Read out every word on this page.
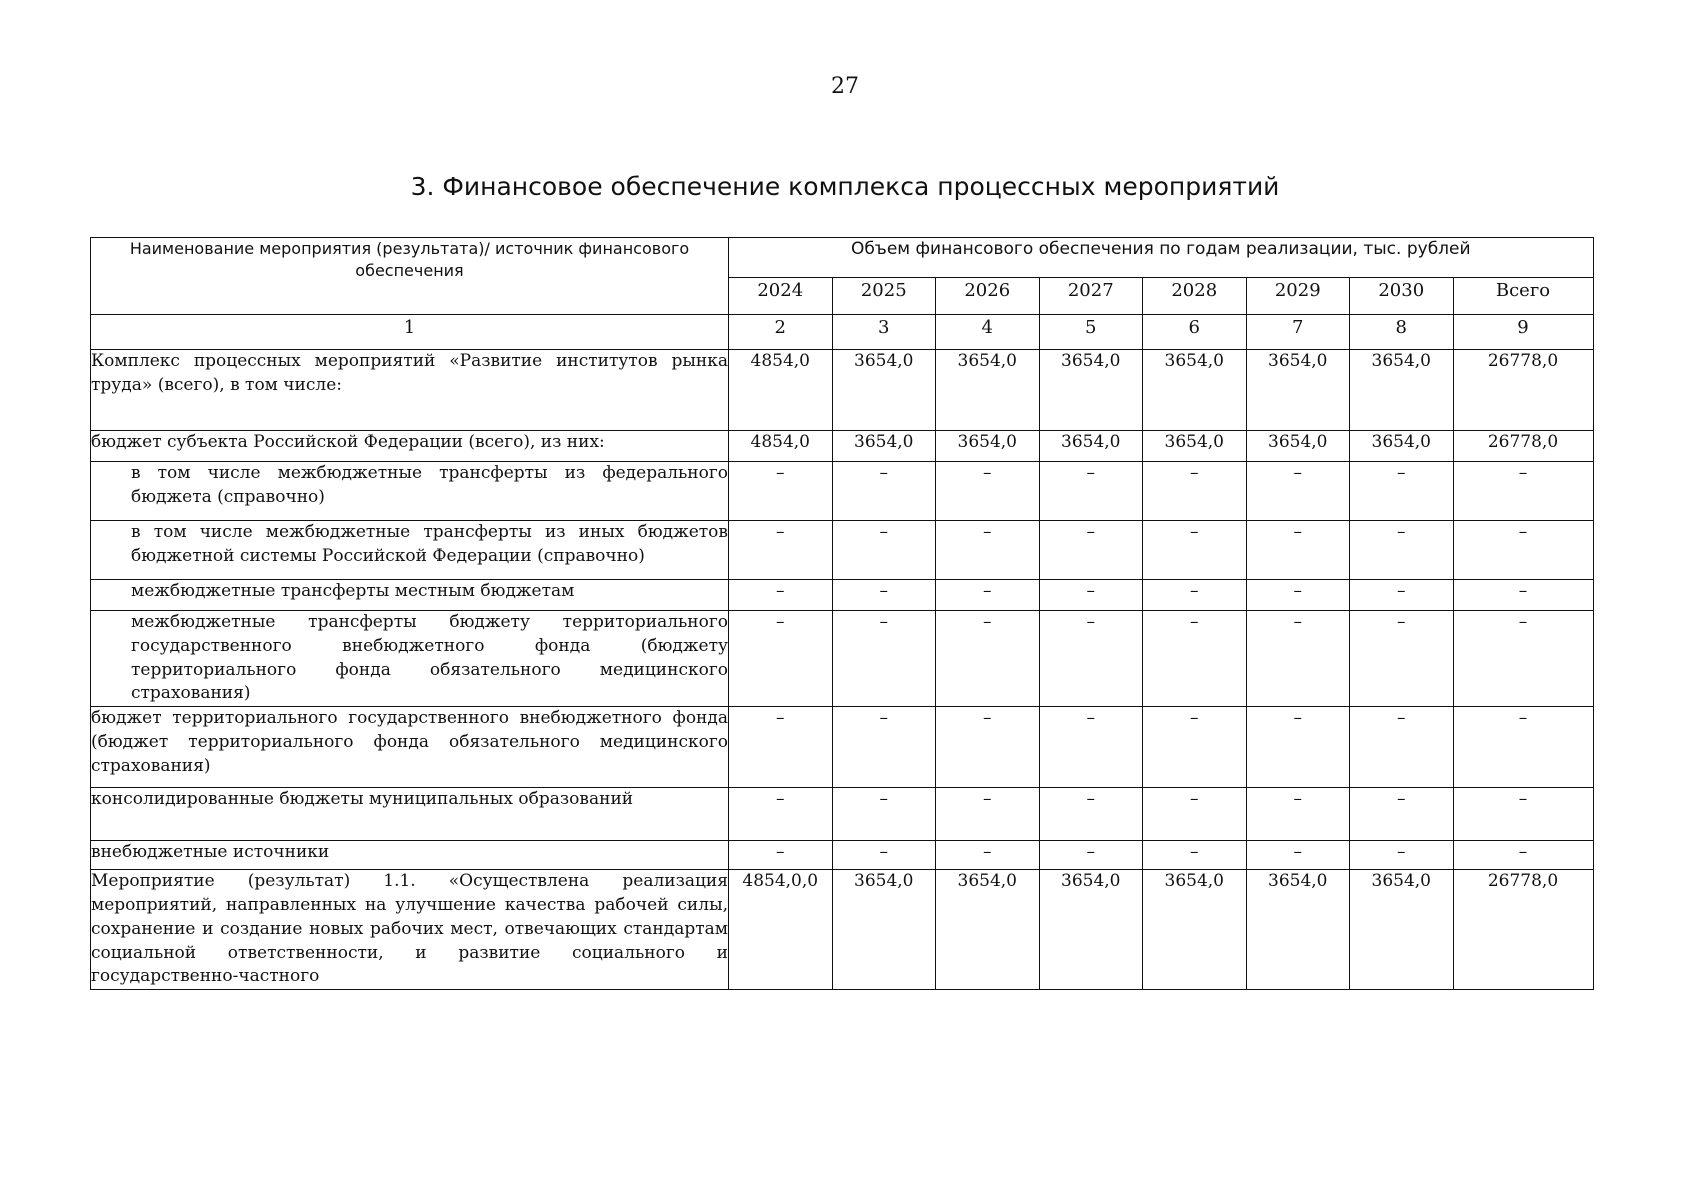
27
3. Финансовое обеспечение комплекса процессных мероприятий
Наименование мероприятия (результата)/ источник финансового обеспечения	Объем финансового обеспечения по годам реализации, тыс. рублей							
	2024	2025	2026	2027	2028	2029	2030	Всего
1	2	3	4	5	6	7	8	9
Комплекс процессных мероприятий «Развитие институтов рынка труда» (всего), в том числе:	4854,0	3654,0	3654,0	3654,0	3654,0	3654,0	3654,0	26778,0
бюджет субъекта Российской Федерации (всего), из них:	4854,0	3654,0	3654,0	3654,0	3654,0	3654,0	3654,0	26778,0
в том числе межбюджетные трансферты из федерального бюджета (справочно)	–	–	–	–	–	–	–	–
в том числе межбюджетные трансферты из иных бюджетов бюджетной системы Российской Федерации (справочно)	–	–	–	–	–	–	–	–
межбюджетные трансферты местным бюджетам	–	–	–	–	–	–	–	–
межбюджетные трансферты бюджету территориального государственного внебюджетного фонда (бюджету территориального фонда обязательного медицинского страхования)	–	–	–	–	–	–	–	–
бюджет территориального государственного внебюджетного фонда (бюджет территориального фонда обязательного медицинского страхования)	–	–	–	–	–	–	–	–
консолидированные бюджеты муниципальных образований	–	–	–	–	–	–	–	–
внебюджетные источники	–	–	–	–	–	–	–	–
Мероприятие (результат) 1.1. «Осуществлена реализация мероприятий, направленных на улучшение качества рабочей силы, сохранение и создание новых рабочих мест, отвечающих стандартам социальной ответственности, и развитие социального и государственно-частного	4854,0,0	3654,0	3654,0	3654,0	3654,0	3654,0	3654,0	26778,0
